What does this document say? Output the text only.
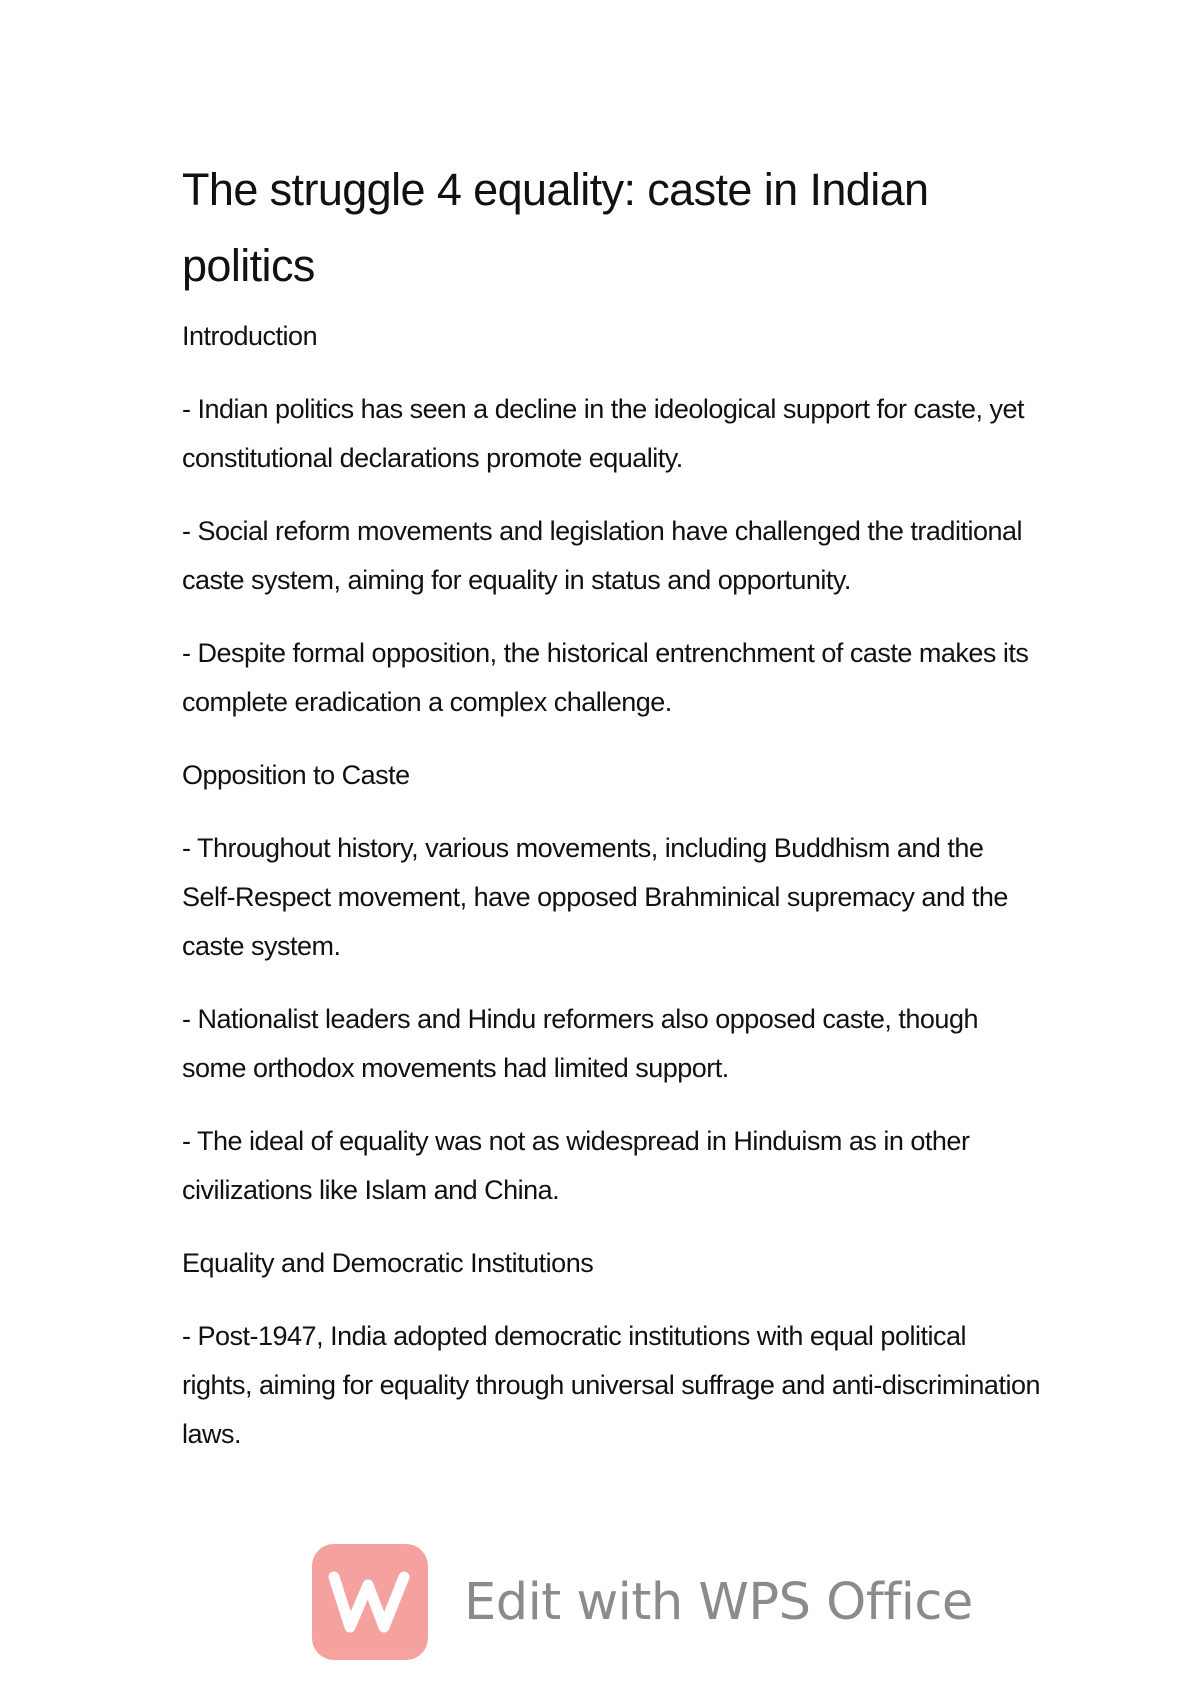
The struggle 4 equality: caste in Indian politics
Introduction

- Indian politics has seen a decline in the ideological support for caste, yet constitutional declarations promote equality.

- Social reform movements and legislation have challenged the traditional caste system, aiming for equality in status and opportunity.

- Despite formal opposition, the historical entrenchment of caste makes its complete eradication a complex challenge.

Opposition to Caste

- Throughout history, various movements, including Buddhism and the Self-Respect movement, have opposed Brahminical supremacy and the caste system.

- Nationalist leaders and Hindu reformers also opposed caste, though some orthodox movements had limited support.

- The ideal of equality was not as widespread in Hinduism as in other civilizations like Islam and China.

Equality and Democratic Institutions

- Post-1947, India adopted democratic institutions with equal political rights, aiming for equality through universal suffrage and anti-discrimination laws.

Edit with WPS Office
